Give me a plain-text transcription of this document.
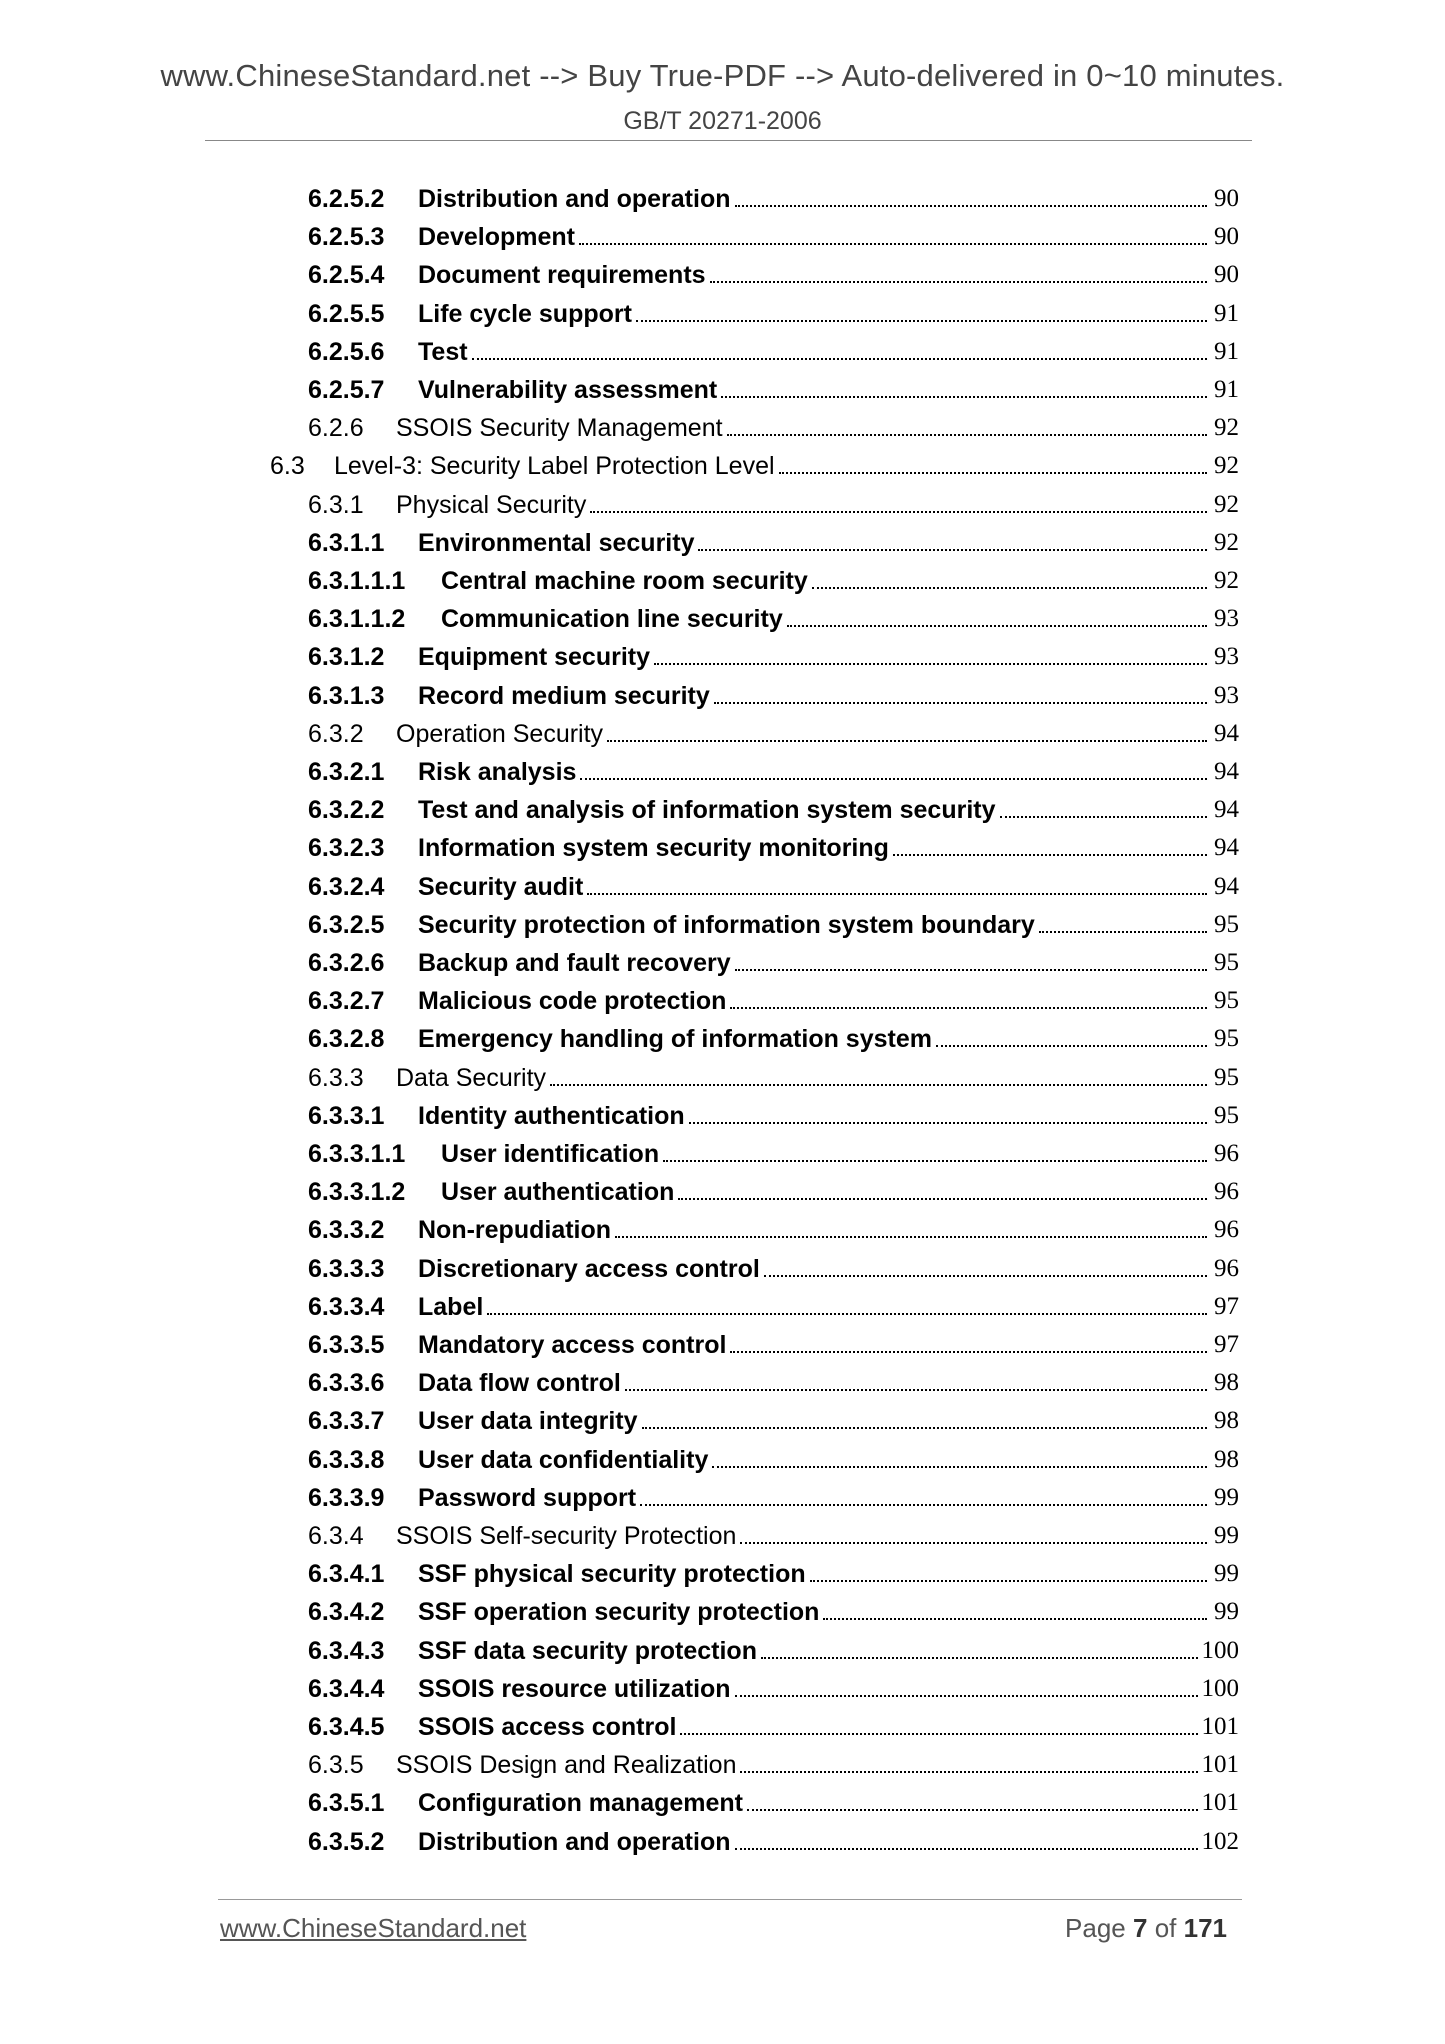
www.ChineseStandard.net --> Buy True-PDF --> Auto-delivered in 0~10 minutes.
GB/T 20271-2006
6.2.5.2	Distribution and operation	90
6.2.5.3	Development	90
6.2.5.4	Document requirements	90
6.2.5.5	Life cycle support	91
6.2.5.6	Test	91
6.2.5.7	Vulnerability assessment	91
6.2.6	SSOIS Security Management	92
6.3	Level-3: Security Label Protection Level	92
6.3.1	Physical Security	92
6.3.1.1	Environmental security	92
6.3.1.1.1	Central machine room security	92
6.3.1.1.2	Communication line security	93
6.3.1.2	Equipment security	93
6.3.1.3	Record medium security	93
6.3.2	Operation Security	94
6.3.2.1	Risk analysis	94
6.3.2.2	Test and analysis of information system security	94
6.3.2.3	Information system security monitoring	94
6.3.2.4	Security audit	94
6.3.2.5	Security protection of information system boundary	95
6.3.2.6	Backup and fault recovery	95
6.3.2.7	Malicious code protection	95
6.3.2.8	Emergency handling of information system	95
6.3.3	Data Security	95
6.3.3.1	Identity authentication	95
6.3.3.1.1	User identification	96
6.3.3.1.2	User authentication	96
6.3.3.2	Non-repudiation	96
6.3.3.3	Discretionary access control	96
6.3.3.4	Label	97
6.3.3.5	Mandatory access control	97
6.3.3.6	Data flow control	98
6.3.3.7	User data integrity	98
6.3.3.8	User data confidentiality	98
6.3.3.9	Password support	99
6.3.4	SSOIS Self-security Protection	99
6.3.4.1	SSF physical security protection	99
6.3.4.2	SSF operation security protection	99
6.3.4.3	SSF data security protection	100
6.3.4.4	SSOIS resource utilization	100
6.3.4.5	SSOIS access control	101
6.3.5	SSOIS Design and Realization	101
6.3.5.1	Configuration management	101
6.3.5.2	Distribution and operation	102
www.ChineseStandard.net	Page 7 of 171
